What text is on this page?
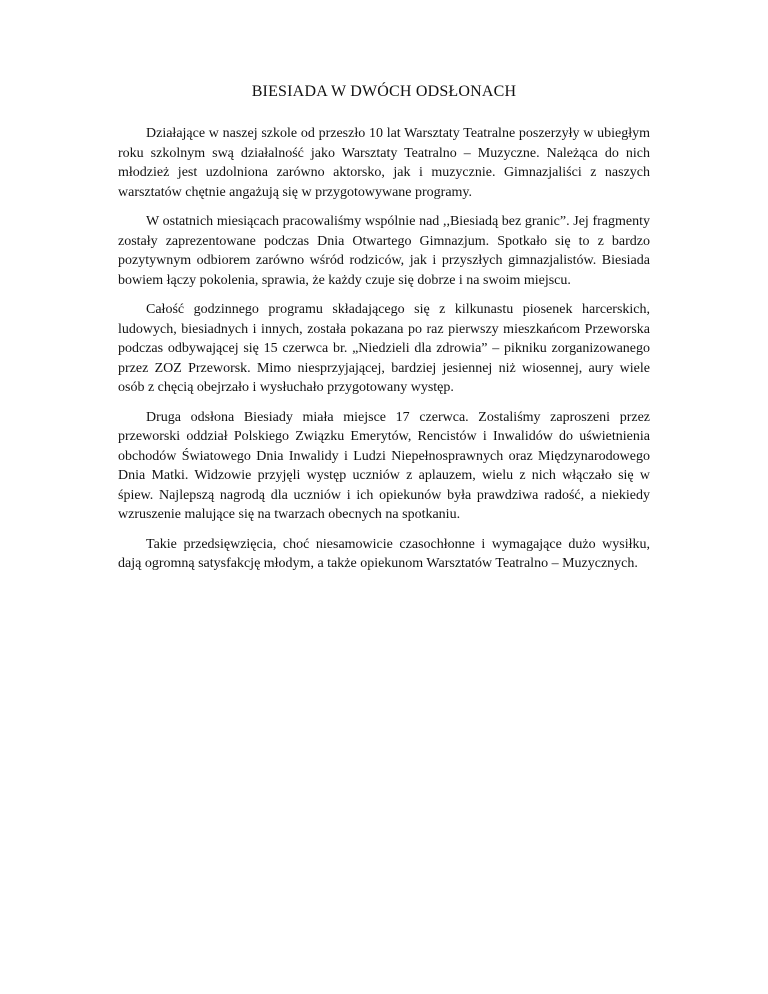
BIESIADA W DWÓCH ODSŁONACH

Działające w naszej szkole od przeszło 10 lat Warsztaty Teatralne poszerzyły w ubiegłym roku szkolnym swą działalność jako Warsztaty Teatralno – Muzyczne. Należąca do nich młodzież jest uzdolniona zarówno aktorsko, jak i muzycznie. Gimnazjaliści z naszych warsztatów chętnie angażują się w przygotowywane programy.

W ostatnich miesiącach pracowaliśmy wspólnie nad ,,Biesiadą bez granic”. Jej fragmenty zostały zaprezentowane podczas Dnia Otwartego Gimnazjum. Spotkało się to z bardzo pozytywnym odbiorem zarówno wśród rodziców, jak i przyszłych gimnazjalistów. Biesiada bowiem łączy pokolenia, sprawia, że każdy czuje się dobrze i na swoim miejscu.

Całość godzinnego programu składającego się z kilkunastu piosenek harcerskich, ludowych, biesiadnych i innych, została pokazana po raz pierwszy mieszkańcom Przeworska podczas odbywającej się 15 czerwca br. „Niedzieli dla zdrowia” – pikniku zorganizowanego przez ZOZ Przeworsk. Mimo niesprzyjającej, bardziej jesiennej niż wiosennej, aury wiele osób z chęcią obejrzało i wysłuchało przygotowany występ.

Druga odsłona Biesiady miała miejsce 17 czerwca. Zostaliśmy zaproszeni przez przeworski oddział Polskiego Związku Emerytów, Rencistów i Inwalidów do uświetnienia obchodów Światowego Dnia Inwalidy i Ludzi Niepełnosprawnych oraz Międzynarodowego Dnia Matki. Widzowie przyjęli występ uczniów z aplauzem, wielu z nich włączało się w śpiew. Najlepszą nagrodą dla uczniów i ich opiekunów była prawdziwa radość, a niekiedy wzruszenie malujące się na twarzach obecnych na spotkaniu.

Takie przedsięwzięcia, choć niesamowicie czasochłonne i wymagające dużo wysiłku, dają ogromną satysfakcję młodym, a także opiekunom Warsztatów Teatralno – Muzycznych.
